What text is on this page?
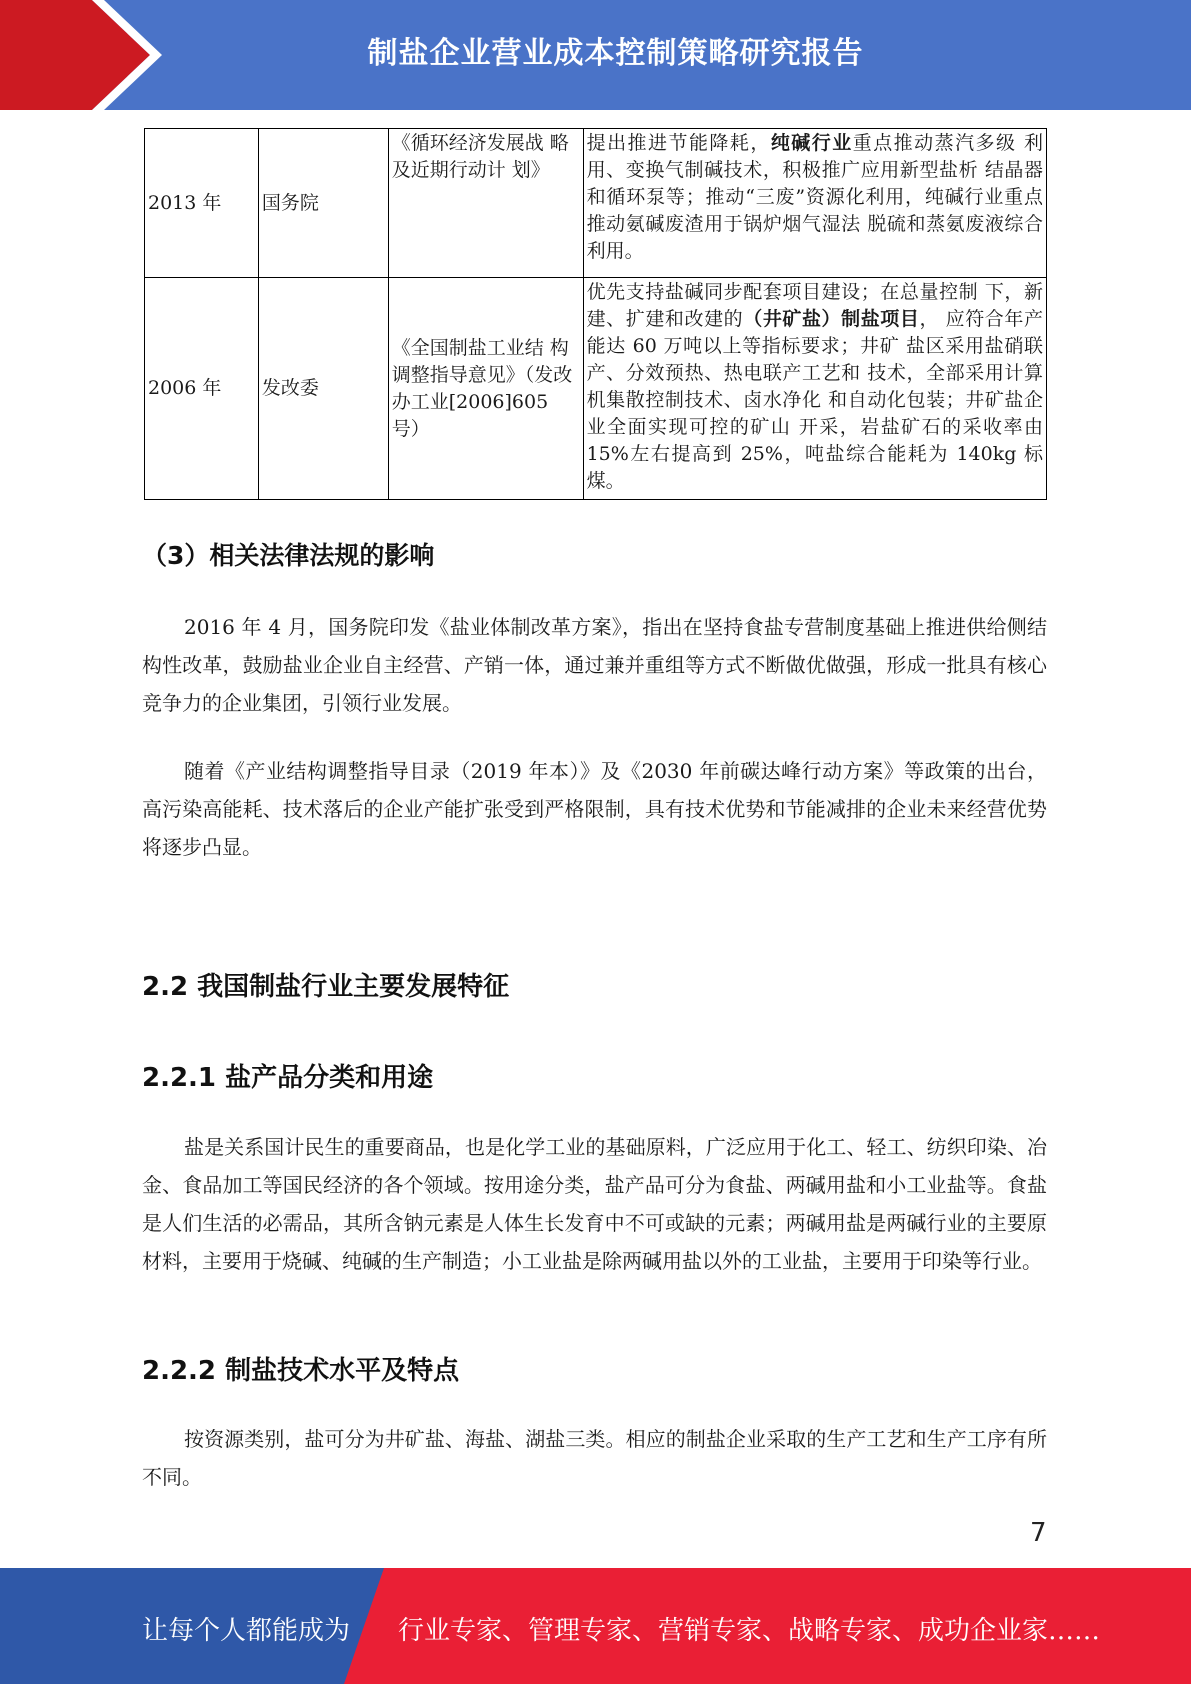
制盐企业营业成本控制策略研究报告
2013 年	国务院	《循环经济发展战 略及近期行动计 划》	提出推进节能降耗，纯碱行业重点推动蒸汽多级 利用、变换气制碱技术，积极推广应用新型盐析 结晶器和循环泵等；推动“三废”资源化利用，纯碱行业重点推动氨碱废渣用于锅炉烟气湿法 脱硫和蒸氨废液综合利用。
2006 年	发改委	《全国制盐工业结 构调整指导意见》（发改办工业[2006]605 号）	优先支持盐碱同步配套项目建设；在总量控制 下，新建、扩建和改建的（井矿盐）制盐项目， 应符合年产能达 60 万吨以上等指标要求；井矿 盐区采用盐硝联产、分效预热、热电联产工艺和 技术，全部采用计算机集散控制技术、卤水净化 和自动化包装；井矿盐企业全面实现可控的矿山 开采，岩盐矿石的采收率由 15%左右提高到 25%，吨盐综合能耗为 140kg 标煤。
（3）相关法律法规的影响

2016 年 4 月，国务院印发《盐业体制改革方案》，指出在坚持食盐专营制度基础上推进供给侧结构性改革，鼓励盐业企业自主经营、产销一体，通过兼并重组等方式不断做优做强，形成一批具有核心竞争力的企业集团，引领行业发展。

随着《产业结构调整指导目录（2019 年本）》及《2030 年前碳达峰行动方案》等政策的出台，高污染高能耗、技术落后的企业产能扩张受到严格限制，具有技术优势和节能减排的企业未来经营优势将逐步凸显。

2.2 我国制盐行业主要发展特征
2.2.1 盐产品分类和用途

盐是关系国计民生的重要商品，也是化学工业的基础原料，广泛应用于化工、轻工、纺织印染、冶金、食品加工等国民经济的各个领域。按用途分类，盐产品可分为食盐、两碱用盐和小工业盐等。食盐是人们生活的必需品，其所含钠元素是人体生长发育中不可或缺的元素；两碱用盐是两碱行业的主要原材料，主要用于烧碱、纯碱的生产制造；小工业盐是除两碱用盐以外的工业盐，主要用于印染等行业。

2.2.2 制盐技术水平及特点

按资源类别，盐可分为井矿盐、海盐、湖盐三类。相应的制盐企业采取的生产工艺和生产工序有所不同。

7
让每个人都能成为 行业专家、管理专家、营销专家、战略专家、成功企业家……
